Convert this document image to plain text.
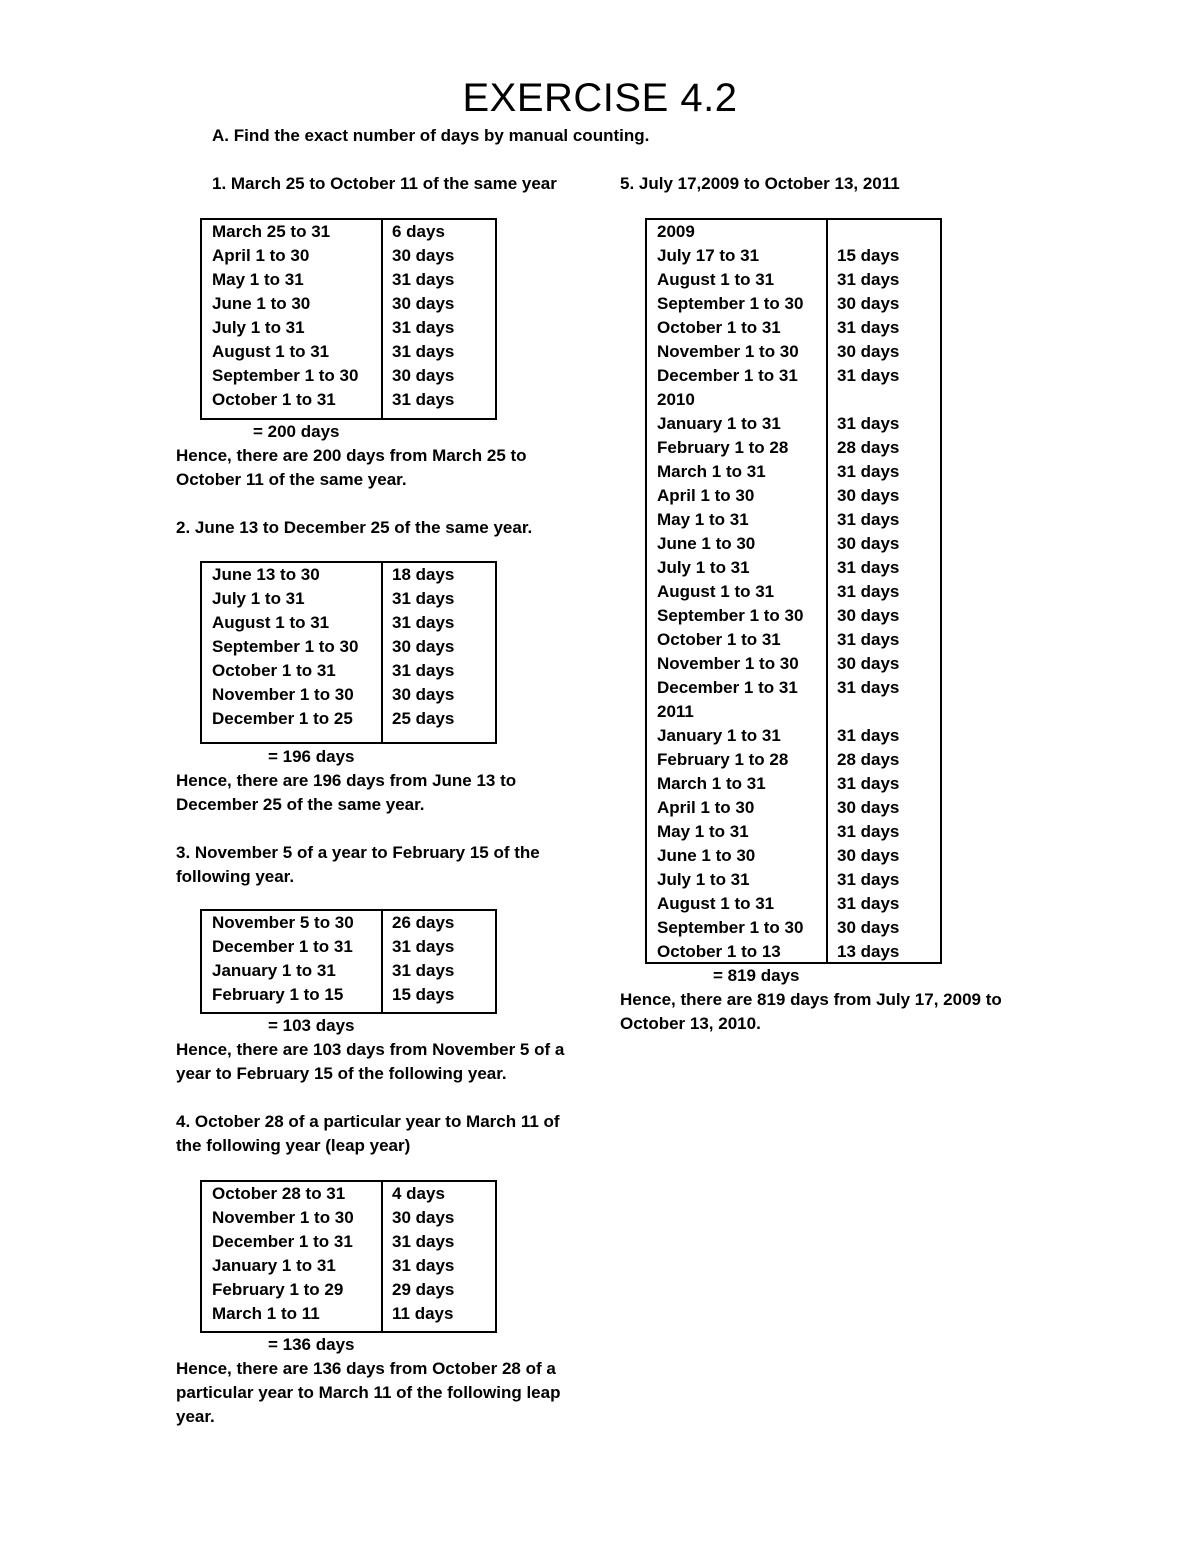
EXERCISE 4.2
A. Find the exact number of days by manual counting.
1. March 25 to October 11 of the same year
March 25 to 31	6 days
April 1 to 30	30 days
May 1 to 31	31 days
June 1 to 30	30 days
July 1 to 31	31 days
August 1 to 31	31 days
September 1 to 30 30 days
October 1 to 31	31 days
= 200 days
Hence, there are 200 days from March 25 to
October 11 of the same year.
2. June 13 to December 25 of the same year.
June 13 to 30	18 days
July 1 to 31	31 days
August 1 to 31	31 days
September 1 to 30 30 days
October 1 to 31	31 days
November 1 to 30 30 days
December 1 to 25 25 days
= 196 days
Hence, there are 196 days from June 13 to
December 25 of the same year.
3. November 5 of a year to February 15 of the
following year.
November 5 to 30 26 days
December 1 to 31 31 days
January 1 to 31	31 days
February 1 to 15	15 days
= 103 days
Hence, there are 103 days from November 5 of a
year to February 15 of the following year.
4. October 28 of a particular year to March 11 of
the following year (leap year)
October 28 to 31	4 days
November 1 to 30 30 days
December 1 to 31 31 days
January 1 to 31	31 days
February 1 to 29	29 days
March 1 to 11	11 days
= 136 days
Hence, there are 136 days from October 28 of a
particular year to March 11 of the following leap
year.
5. July 17,2009 to October 13, 2011
2009
July 17 to 31	15 days
August 1 to 31	31 days
September 1 to 30 30 days
October 1 to 31	31 days
November 1 to 30 30 days
December 1 to 31 31 days
2010
January 1 to 31	31 days
February 1 to 28	28 days
March 1 to 31	31 days
April 1 to 30	30 days
May 1 to 31	31 days
June 1 to 30	30 days
July 1 to 31	31 days
August 1 to 31	31 days
September 1 to 30 30 days
October 1 to 31	31 days
November 1 to 30 30 days
December 1 to 31 31 days
2011
January 1 to 31	31 days
February 1 to 28	28 days
March 1 to 31	31 days
April 1 to 30	30 days
May 1 to 31	31 days
June 1 to 30	30 days
July 1 to 31	31 days
August 1 to 31	31 days
September 1 to 30 30 days
October 1 to 13	13 days
= 819 days
Hence, there are 819 days from July 17, 2009 to
October 13, 2010.
